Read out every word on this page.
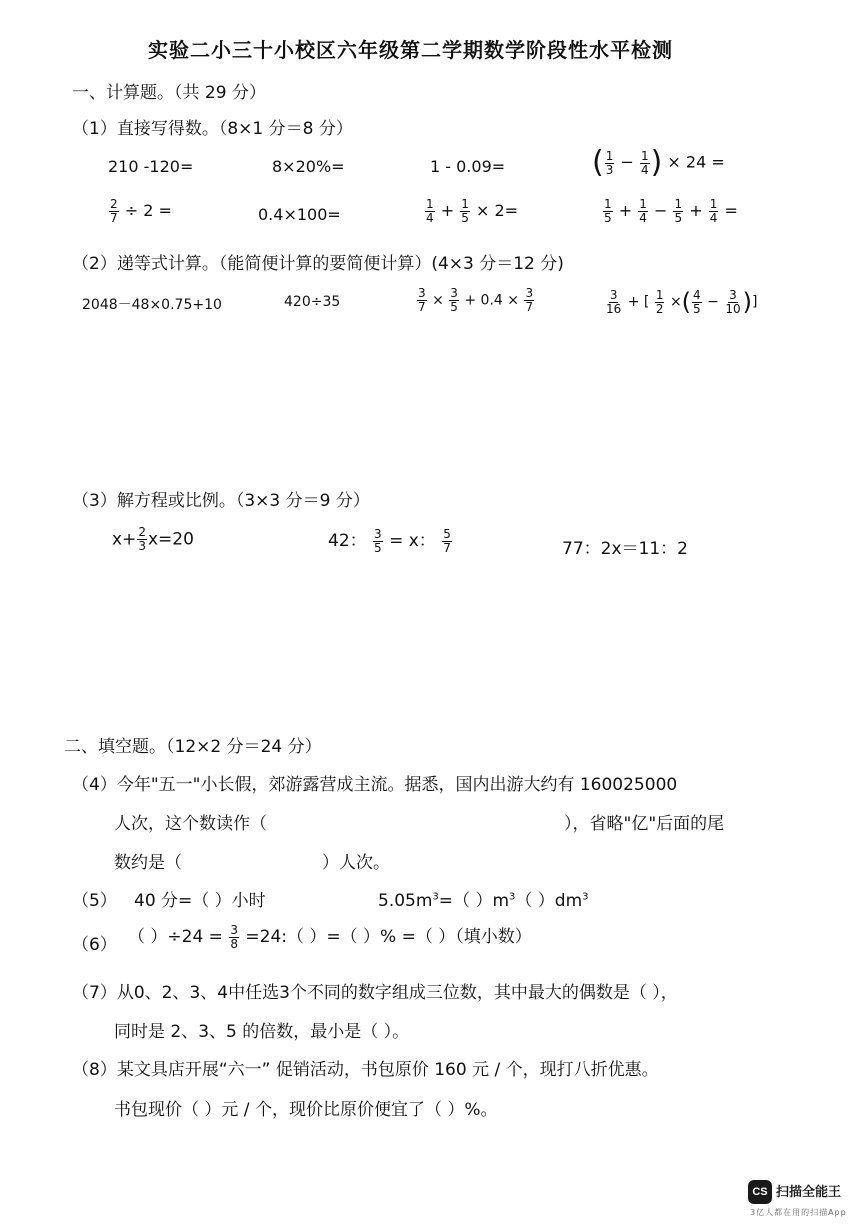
实验二小三十小校区六年级第二学期数学阶段性水平检测
一、计算题。（共 29 分）
（1）直接写得数。（8×1 分＝8 分）
210 -120=	8×20%=	1 - 0.09=	( $\frac{1}{3} - \frac{1}{4}$ ) × 24 =
$\frac{2}{7} \div 2$ =	0.4×100=	$\frac{1}{4} + \frac{1}{5} \times 2=$	$\frac{1}{5} + \frac{1}{4} - \frac{1}{5} + \frac{1}{4}$ =
（2）递等式计算。（能简便计算的要简便计算）(4×3 分＝12 分)
2048－48×0.75+10	420÷35	$\frac{3}{7} \times \frac{3}{5} + 0.4 \times \frac{3}{7}$	$\frac{3}{16}$ + [ $\frac{1}{2}$ ×( $\frac{4}{5} - \frac{3}{10}$ )]
（3）解方程或比例。（3×3 分＝9 分）
$x+ \frac{2}{3} x=20$	42： $\frac{3}{5} = x$： $\frac{5}{7}$	77：2x＝11：2
二、填空题。（12×2 分＝24 分）
（4）今年"五一"小长假，郊游露营成主流。据悉，国内出游大约有 160025000
人次，这个数读作（	），省略"亿"后面的尾
数约是（	）人次。
（5） 40 分=（ ）小时	$5.05m^3=$（ ）$m^3$（ ）$dm^3$
（6） （ ）$\div 24 = \frac{3}{8}$ =24:（ ）=（ ）% =（ ）（填小数）
（7）从0、2、3、4中任选3个不同的数字组成三位数，其中最大的偶数是（ ），
同时是 2、3、5 的倍数，最小是（ ）。
（8）某文具店开展“六一” 促销活动，书包原价 160 元 / 个，现打八折优惠。
书包现价（ ）元 / 个，现价比原价便宜了（ ）%。
CS 扫描全能王
3亿人都在用的扫描App
